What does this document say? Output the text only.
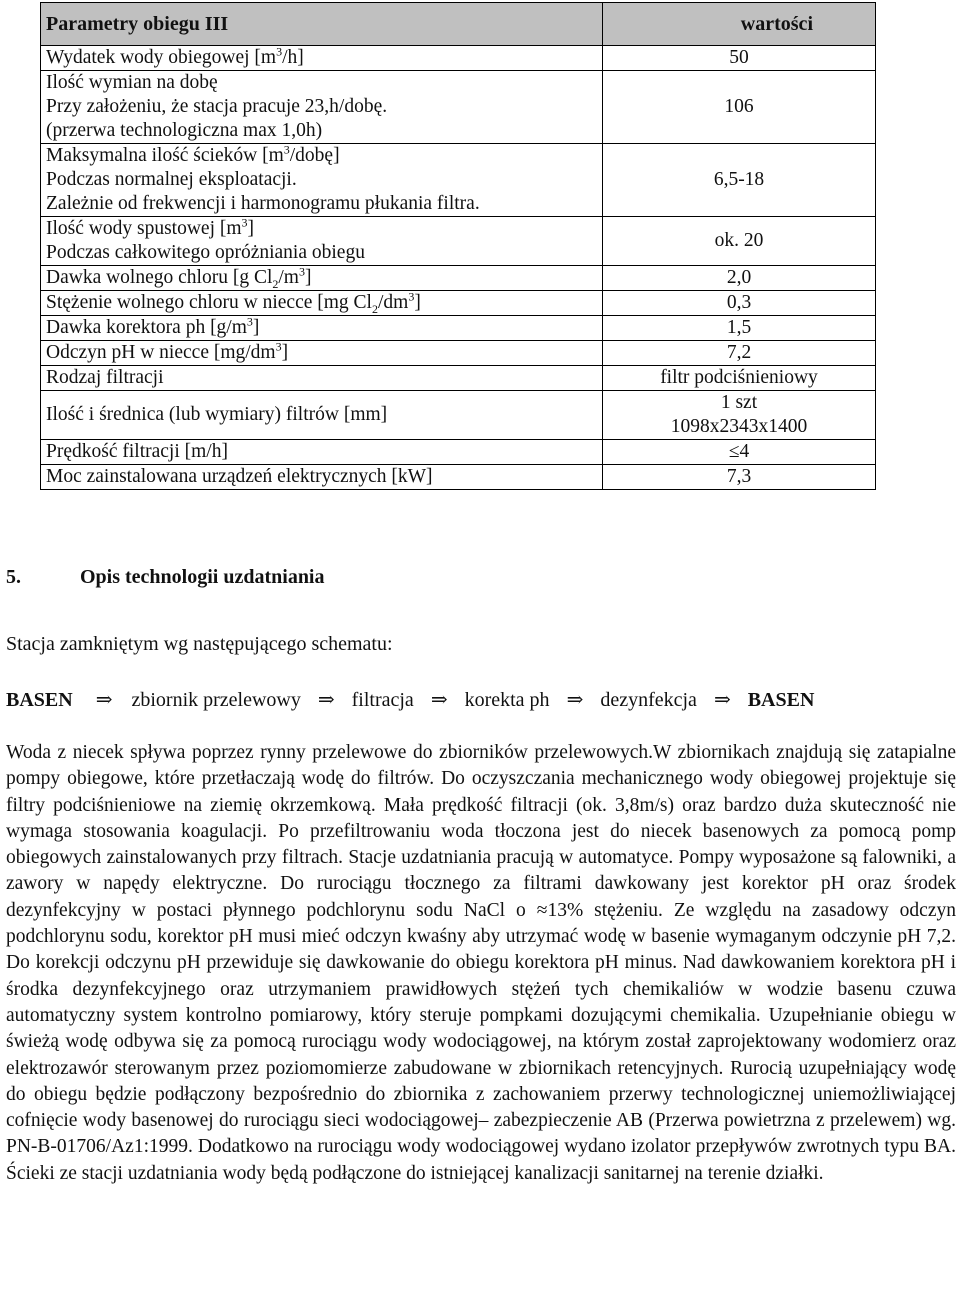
Parametry obiegu III	wartości
Wydatek wody obiegowej $[m^3/h]$	50

Ilość wymian na dobę
Przy założeniu, że stacja pracuje 23,h/dobę.
(przerwa technologiczna max 1,0h)	106

Maksymalna ilość ścieków $[m^3/dobę]$
Podczas normalnej eksploatacji.
Zależnie od frekwencji i harmonogramu płukania filtra.	6,5-18

Ilość wody spustowej $[m^3]$
Podczas całkowitego opróżniania obiegu	ok. 20
Dawka wolnego chloru [g $Cl_2/m^3$]	2,0
Stężenie wolnego chloru w niecce [mg $Cl_2/dm^3$]	0,3
Dawka korektora ph $[g/m^3]$	1,5
Odczyn pH w niecce $[mg/dm^3]$	7,2
Rodzaj filtracji	filtr podciśnieniowy
Ilość i średnica (lub wymiary) filtrów [mm]	1 szt
1098x2343x1400

Prędkość filtracji [m/h]	≤4
Moc zainstalowana urządzeń elektrycznych [kW]	7,3
5.	Opis technologii uzdatniania

Stacja zamkniętym wg następującego schematu:

BASEN ⇒ zbiornik przelewowy ⇒ filtracja ⇒ korekta ph ⇒ dezynfekcja ⇒ BASEN

Woda z niecek spływa poprzez rynny przelewowe do zbiorników przelewowych.W zbiornikach znajdują się zatapialne pompy obiegowe, które przetłaczają wodę do filtrów. Do oczyszczania mechanicznego wody obiegowej projektuje się filtry podciśnieniowe na ziemię okrzemkową. Mała prędkość filtracji (ok. 3,8m/s) oraz bardzo duża skuteczność nie wymaga stosowania koagulacji. Po przefiltrowaniu woda tłoczona jest do niecek basenowych za pomocą pomp obiegowych zainstalowanych przy filtrach. Stacje uzdatniania pracują w automatyce. Pompy wyposażone są falowniki, a zawory w napędy elektryczne. Do rurociągu tłocznego za filtrami dawkowany jest korektor pH oraz środek dezynfekcyjny w postaci płynnego podchlorynu sodu NaCl o ≈13% stężeniu. Ze względu na zasadowy odczyn podchlorynu sodu, korektor pH musi mieć odczyn kwaśny aby utrzymać wodę w basenie wymaganym odczynie pH 7,2. Do korekcji odczynu pH przewiduje się dawkowanie do obiegu korektora pH minus. Nad dawkowaniem korektora pH i środka dezynfekcyjnego oraz utrzymaniem prawidłowych stężeń tych chemikaliów w wodzie basenu czuwa automatyczny system kontrolno pomiarowy, który steruje pompkami dozującymi chemikalia. Uzupełnianie obiegu w świeżą wodę odbywa się za pomocą rurociągu wody wodociągowej, na którym został zaprojektowany wodomierz oraz elektrozawór sterowanym przez poziomomierze zabudowane w zbiornikach retencyjnych. Rurocią uzupełniający wodę do obiegu będzie podłączony bezpośrednio do zbiornika z zachowaniem przerwy technologicznej uniemożliwiającej cofnięcie wody basenowej do rurociągu sieci wodociągowej– zabezpieczenie AB (Przerwa powietrzna z przelewem) wg. PN-B-01706/Az1:1999. Dodatkowo na rurociągu wody wodociągowej wydano izolator przepływów zwrotnych typu BA. Ścieki ze stacji uzdatniania wody będą podłączone do istniejącej kanalizacji sanitarnej na terenie działki.
